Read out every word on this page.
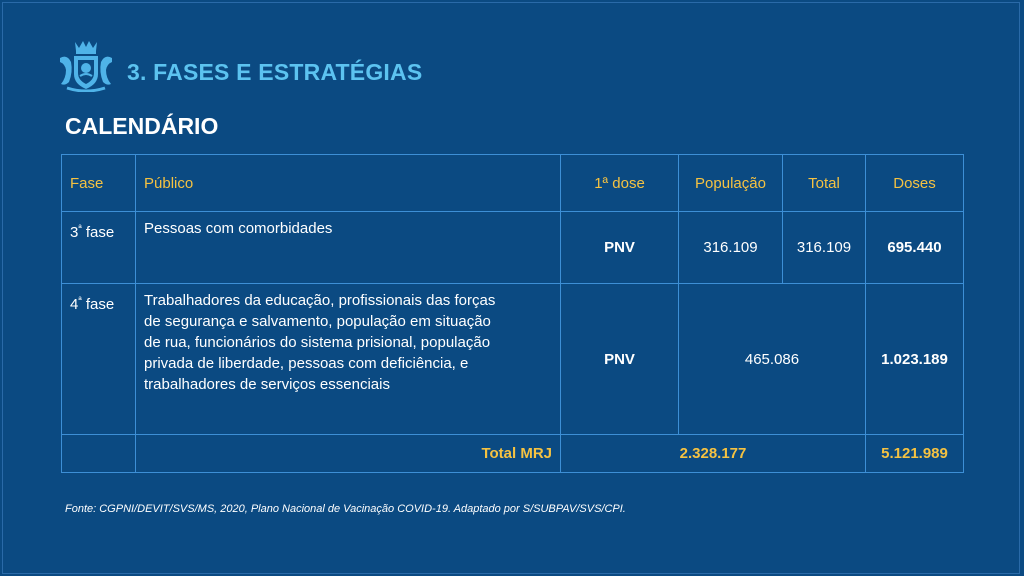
3. FASES E ESTRATÉGIAS
CALENDÁRIO
Fase	Público	1ª dose	População	Total	Doses
$3^ª$ fase	Pessoas com comorbidades	PNV	316.109	316.109	695.440
$4^ª$ fase	Trabalhadores da educação, profissionais das forças
de segurança e salvamento, população em situação
de rua, funcionários do sistema prisional, população
privada de liberdade, pessoas com deficiência, e
trabalhadores de serviços essenciais	PNV	465.086		1.023.189
	Total MRJ	2.328.177			5.121.989
Fonte: CGPNI/DEVIT/SVS/MS, 2020, Plano Nacional de Vacinação COVID-19. Adaptado por S/SUBPAV/SVS/CPI.
